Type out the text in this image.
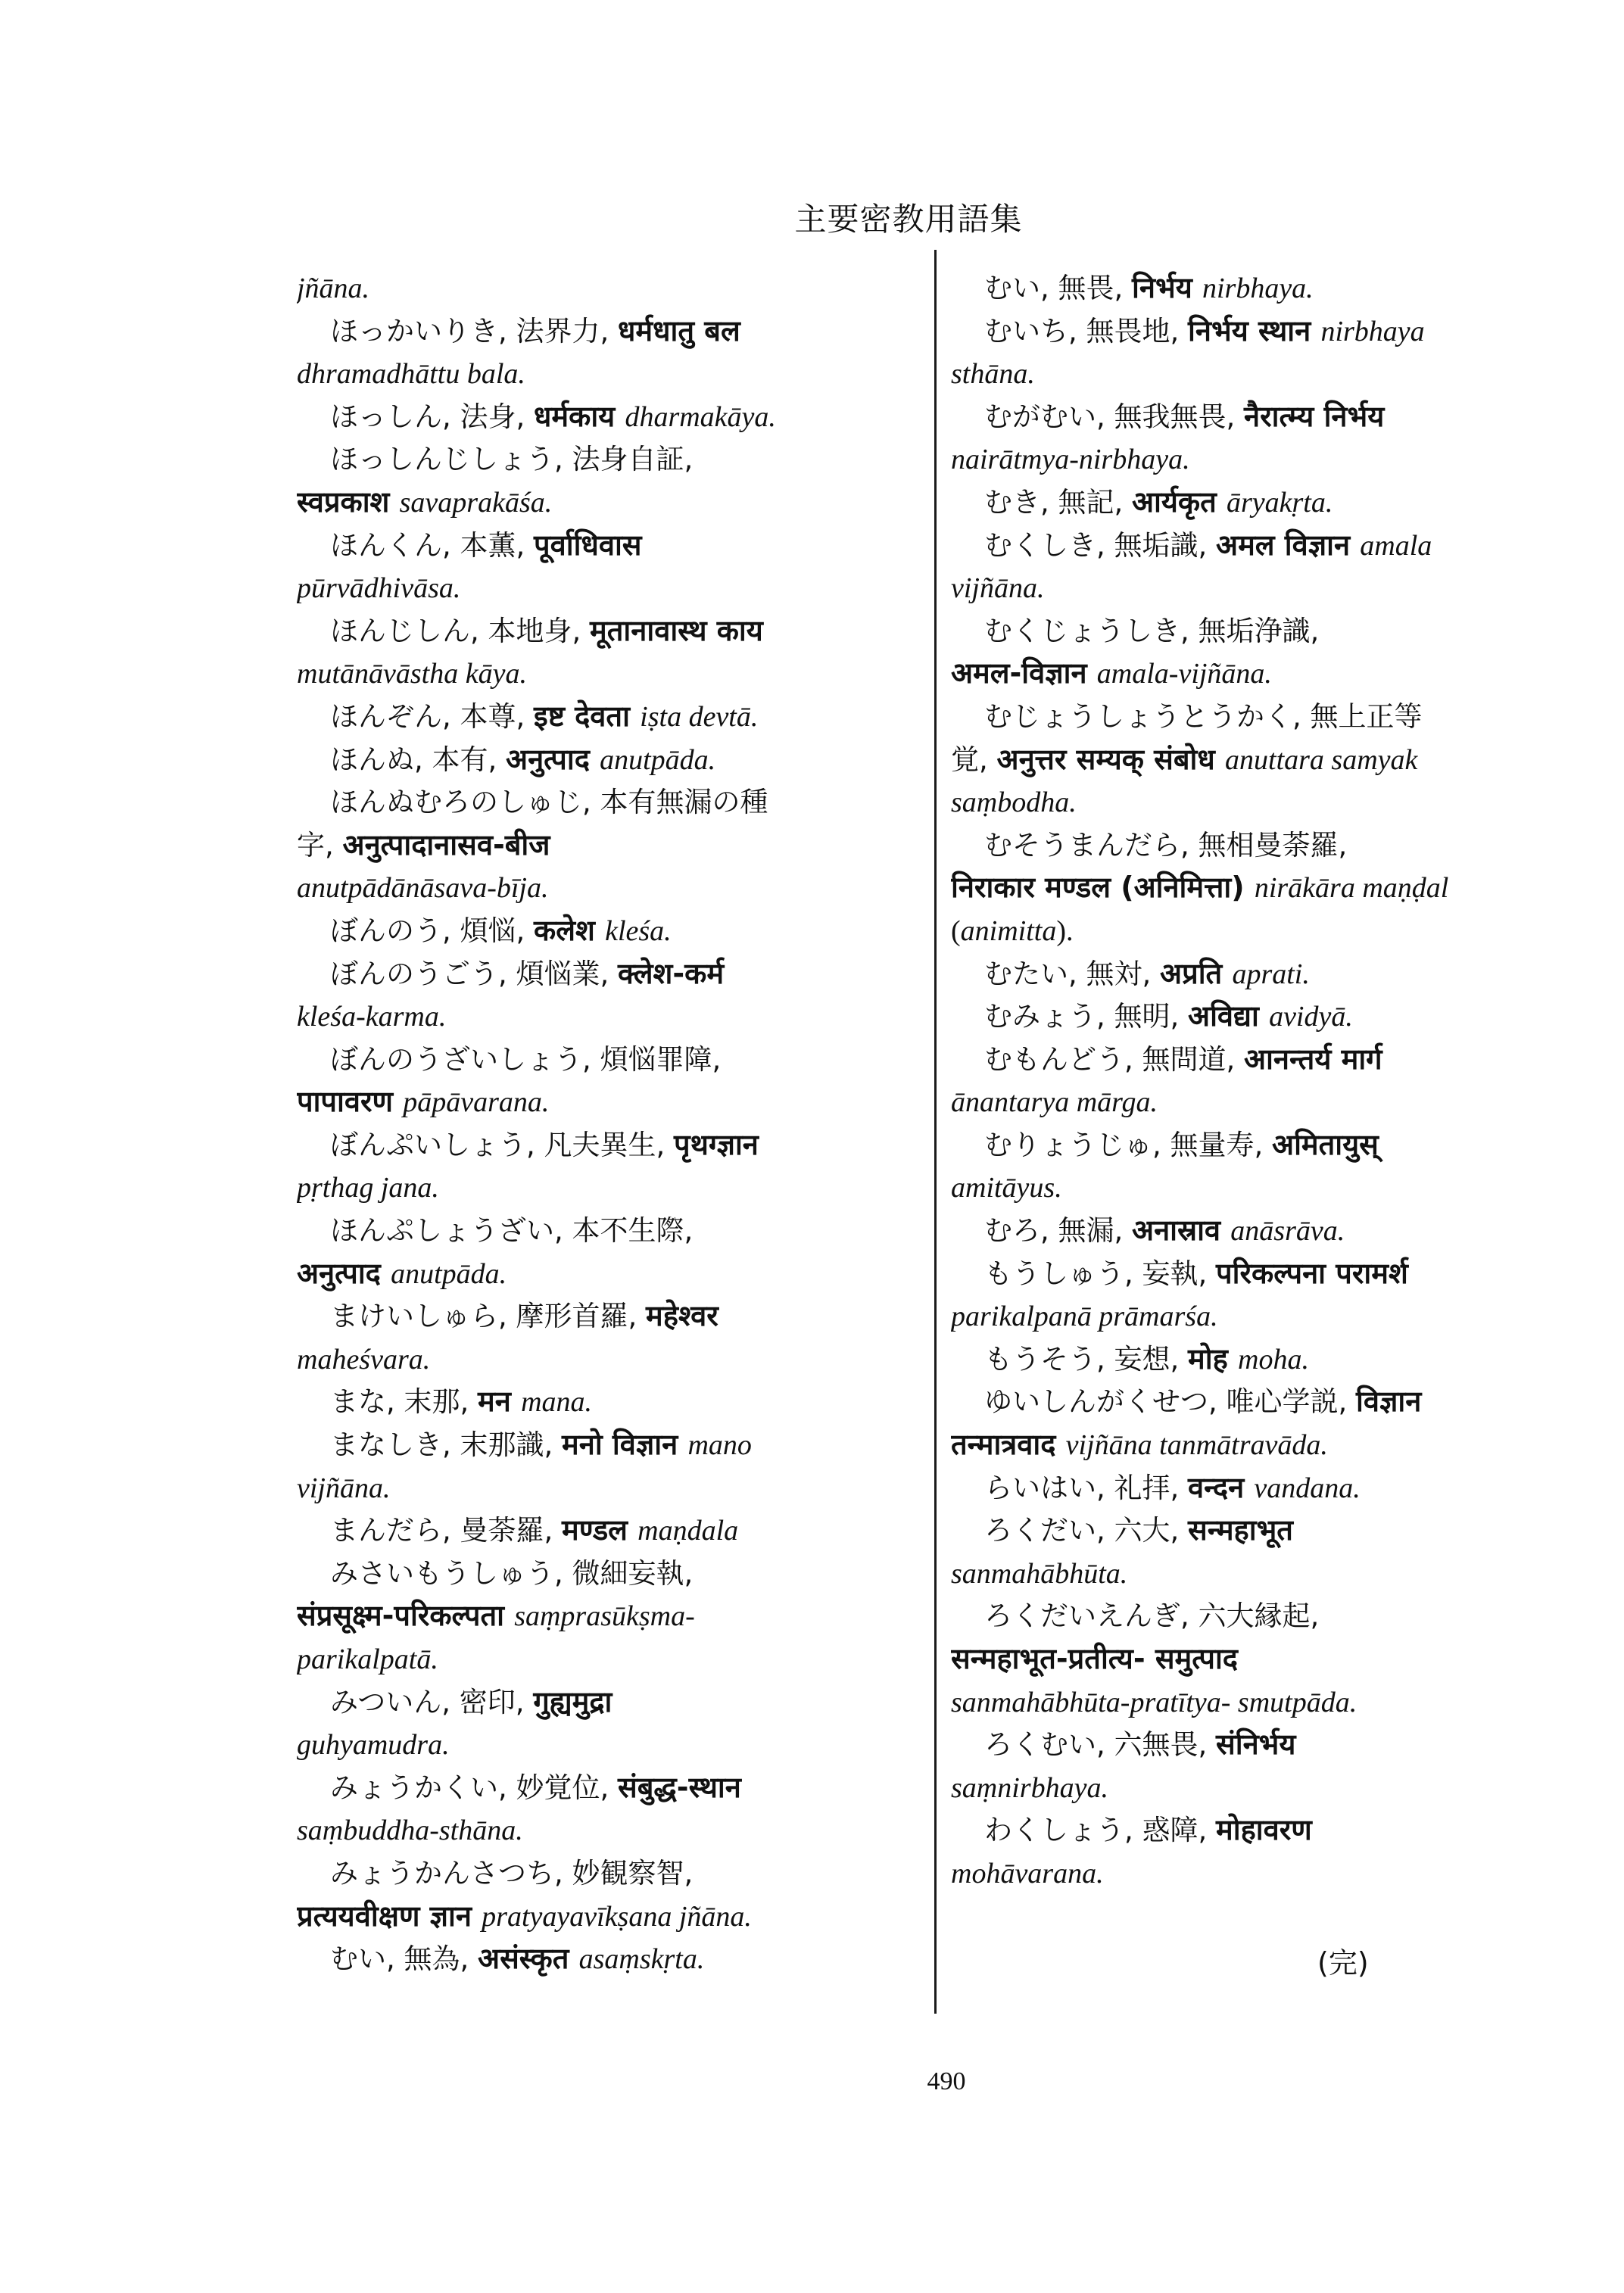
主要密教用語集
jñāna.
ほっかいりき, 法界力, धर्मधातु बल
dhramadhāttu bala.
ほっしん, 法身, धर्मकाय dharmakāya.
ほっしんじしょう, 法身自証,
स्वप्रकाश savaprakāśa.
ほんくん, 本薫, पूर्वाधिवास
pūrvādhivāsa.
ほんじしん, 本地身, मूतानावास्थ काय
mutānāvāstha kāya.
ほんぞん, 本尊, इष्ट देवता iṣta devtā.
ほんぬ, 本有, अनुत्पाद anutpāda.
ほんぬむろのしゅじ, 本有無漏の種
字, अनुत्पादानासव-बीज
anutpādānāsava-bīja.
ぼんのう, 煩悩, कलेश kleśa.
ぼんのうごう, 煩悩業, क्लेश-कर्म
kleśa-karma.
ぼんのうざいしょう, 煩悩罪障,
पापावरण pāpāvarana.
ぼんぷいしょう, 凡夫異生, पृथग्ज्ञान
pṛthag jana.
ほんぷしょうざい, 本不生際,
अनुत्पाद anutpāda.
まけいしゅら, 摩形首羅, महेश्वर
maheśvara.
まな, 末那, मन mana.
まなしき, 末那識, मनो विज्ञान mano
vijñāna.
まんだら, 曼荼羅, मण्डल maṇdala
みさいもうしゅう, 微細妄執,
संप्रसूक्ष्म-परिकल्पता saṃprasūkṣma-
parikalpatā.
みついん, 密印, गुह्यमुद्रा
guhyamudra.
みょうかくい, 妙覚位, संबुद्ध-स्थान
saṃbuddha-sthāna.
みょうかんさつち, 妙観察智,
प्रत्ययवीक्षण ज्ञान pratyayavīkṣana jñāna.
むい, 無為, असंस्कृत asaṃskṛta.
むい, 無畏, निर्भय nirbhaya.
むいち, 無畏地, निर्भय स्थान nirbhaya
sthāna.
むがむい, 無我無畏, नैरात्म्य निर्भय
nairātmya-nirbhaya.
むき, 無記, आर्यकृत āryakṛta.
むくしき, 無垢識, अमल विज्ञान amala
vijñāna.
むくじょうしき, 無垢浄識,
अमल-विज्ञान amala-vijñāna.
むじょうしょうとうかく, 無上正等
覚, अनुत्तर सम्यक् संबोध anuttara samyak
saṃbodha.
むそうまんだら, 無相曼荼羅,
निराकार मण्डल (अनिमित्ता) nirākāra maṇḍal
(animitta).
むたい, 無対, अप्रति aprati.
むみょう, 無明, अविद्या avidyā.
むもんどう, 無問道, आनन्तर्य मार्ग
ānantarya mārga.
むりょうじゅ, 無量寿, अमितायुस्
amitāyus.
むろ, 無漏, अनास्राव anāsrāva.
もうしゅう, 妄執, परिकल्पना परामर्श
parikalpanā prāmarśa.
もうそう, 妄想, मोह moha.
ゆいしんがくせつ, 唯心学説, विज्ञान
तन्मात्रवाद vijñāna tanmātravāda.
らいはい, 礼拝, वन्दन vandana.
ろくだい, 六大, सन्महाभूत
sanmahābhūta.
ろくだいえんぎ, 六大縁起,
सन्महाभूत-प्रतीत्य- समुत्पाद
sanmahābhūta-pratītya- smutpāda.
ろくむい, 六無畏, संनिर्भय
saṃnirbhaya.
わくしょう, 惑障, मोहावरण
mohāvarana.
(完)
490
